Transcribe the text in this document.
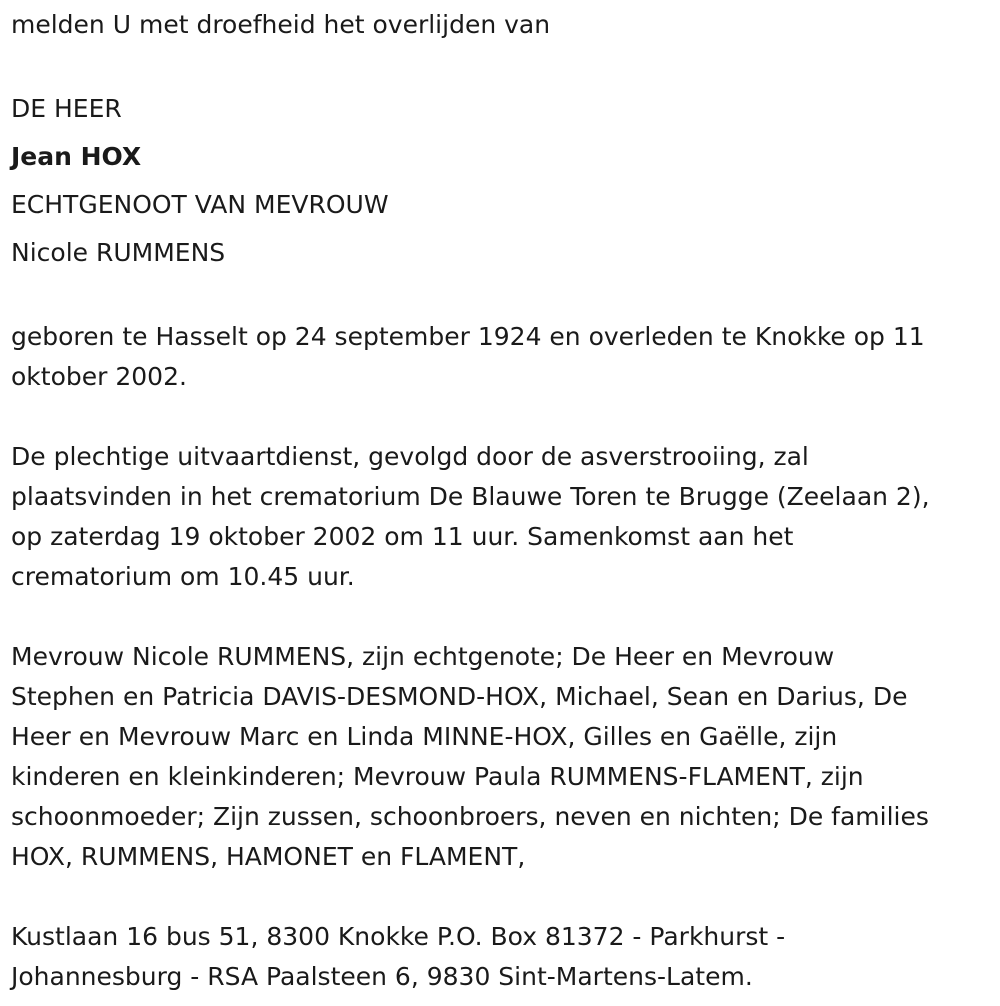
melden U met droefheid het overlijden van
DE HEER
Jean HOX
ECHTGENOOT VAN MEVROUW
Nicole RUMMENS
geboren te Hasselt op 24 september 1924 en overleden te Knokke op 11
oktober 2002.
De plechtige uitvaartdienst, gevolgd door de asverstrooiing, zal
plaatsvinden in het crematorium De Blauwe Toren te Brugge (Zeelaan 2),
op zaterdag 19 oktober 2002 om 11 uur. Samenkomst aan het
crematorium om 10.45 uur.
Mevrouw Nicole RUMMENS, zijn echtgenote; De Heer en Mevrouw
Stephen en Patricia DAVIS-DESMOND-HOX, Michael, Sean en Darius, De
Heer en Mevrouw Marc en Linda MINNE-HOX, Gilles en Gaëlle, zijn
kinderen en kleinkinderen; Mevrouw Paula RUMMENS-FLAMENT, zijn
schoonmoeder; Zijn zussen, schoonbroers, neven en nichten; De families
HOX, RUMMENS, HAMONET en FLAMENT,
Kustlaan 16 bus 51, 8300 Knokke P.O. Box 81372 - Parkhurst -
Johannesburg - RSA Paalsteen 6, 9830 Sint-Martens-Latem.
